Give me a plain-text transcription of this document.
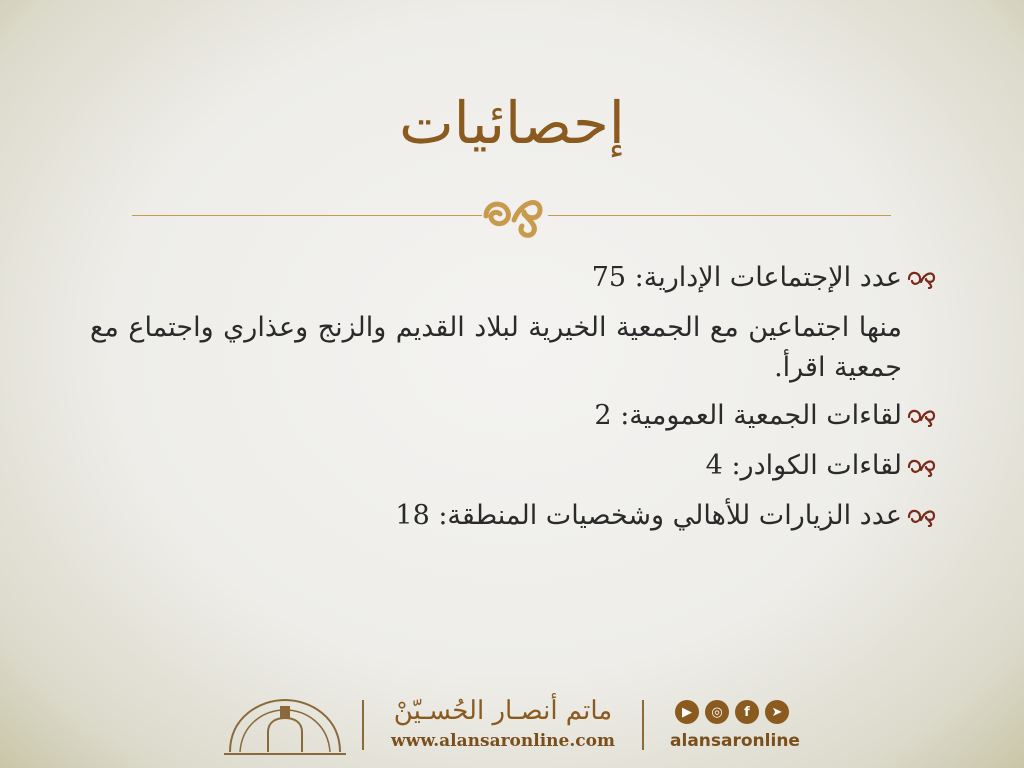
إحصائيات
عدد الإجتماعات الإدارية: 75
منها اجتماعين مع الجمعية الخيرية لبلاد القديم والزنج وعذاري واجتماع مع جمعية اقرأ.
لقاءات الجمعية العمومية: 2
لقاءات الكوادر: 4
عدد الزيارات للأهالي وشخصيات المنطقة: 18
ماتم أنصـار الحُسـيّنْ
www.alansaronline.com
▶	◎	f	➤
alansaronline
